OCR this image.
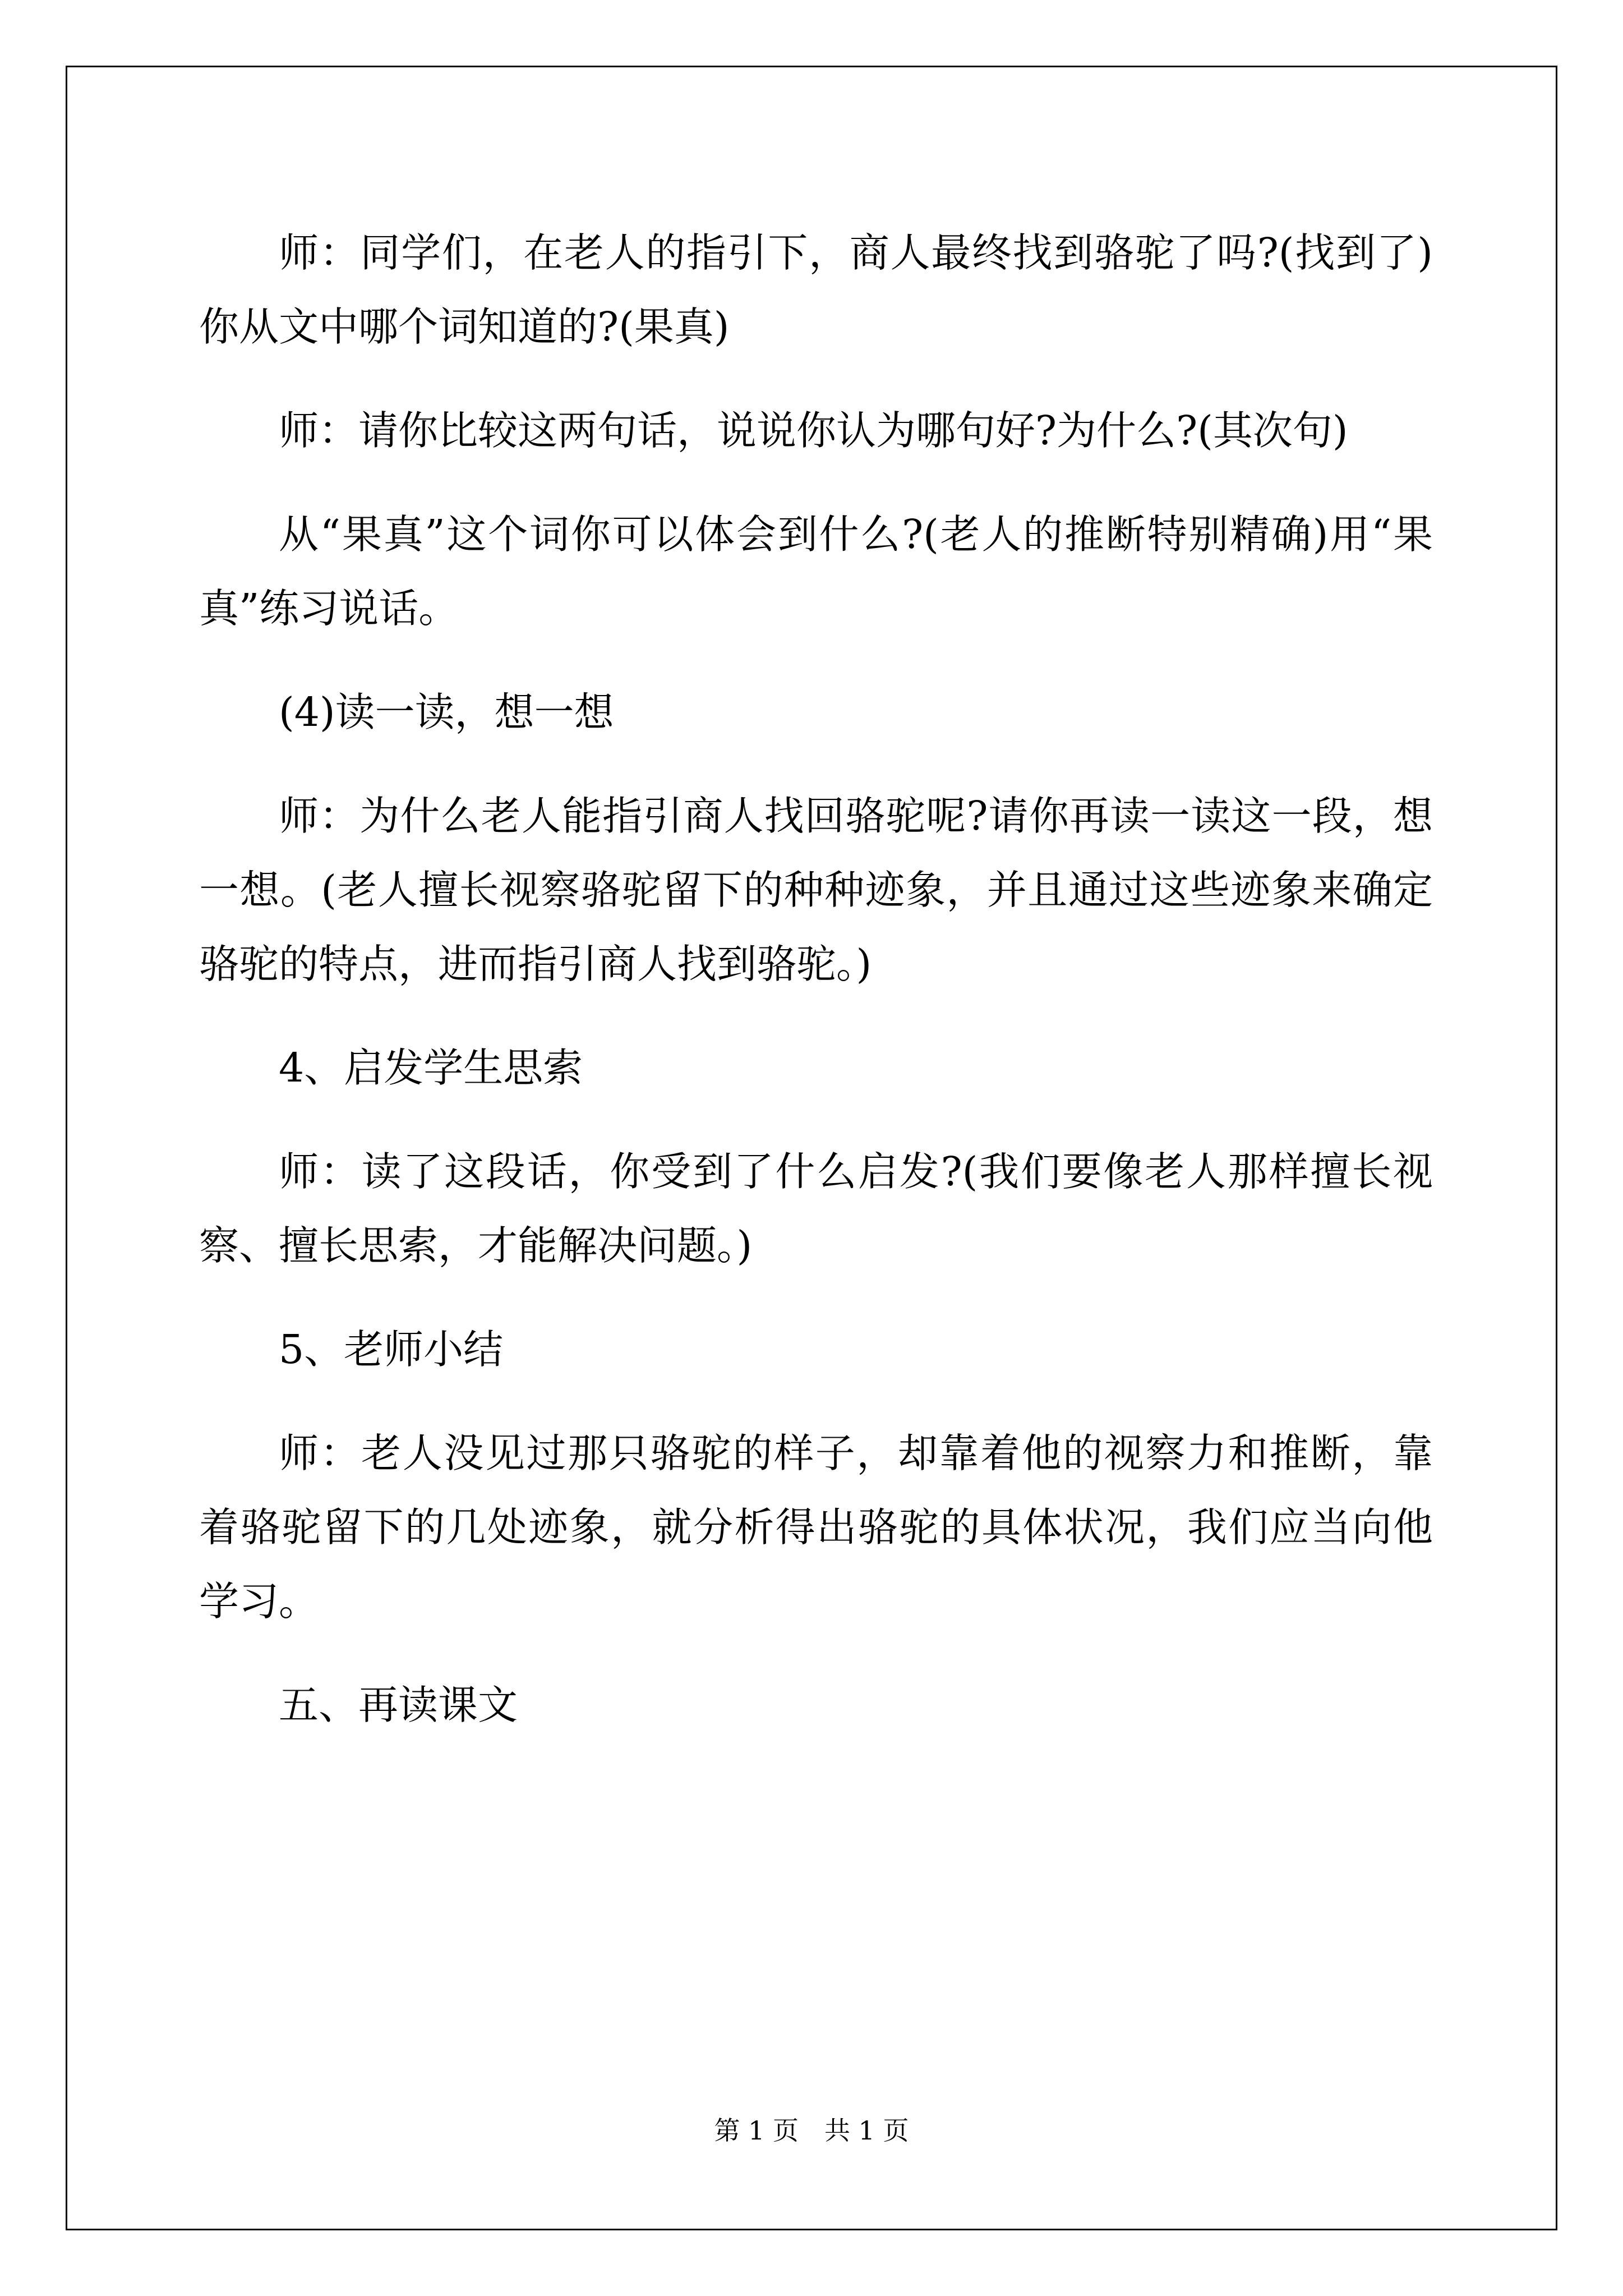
师：同学们，在老人的指引下，商人最终找到骆驼了吗?(找到了)你从文中哪个词知道的?(果真)

师：请你比较这两句话，说说你认为哪句好?为什么?(其次句)

从“果真”这个词你可以体会到什么?(老人的推断特别精确)用“果真”练习说话。

(4)读一读，想一想

师：为什么老人能指引商人找回骆驼呢?请你再读一读这一段，想一想。(老人擅长视察骆驼留下的种种迹象，并且通过这些迹象来确定骆驼的特点，进而指引商人找到骆驼。)

4、启发学生思索

师：读了这段话，你受到了什么启发?(我们要像老人那样擅长视察、擅长思索，才能解决问题。)

5、老师小结

师：老人没见过那只骆驼的样子，却靠着他的视察力和推断，靠着骆驼留下的几处迹象，就分析得出骆驼的具体状况，我们应当向他学习。

五、再读课文

第 1 页　共 1 页
